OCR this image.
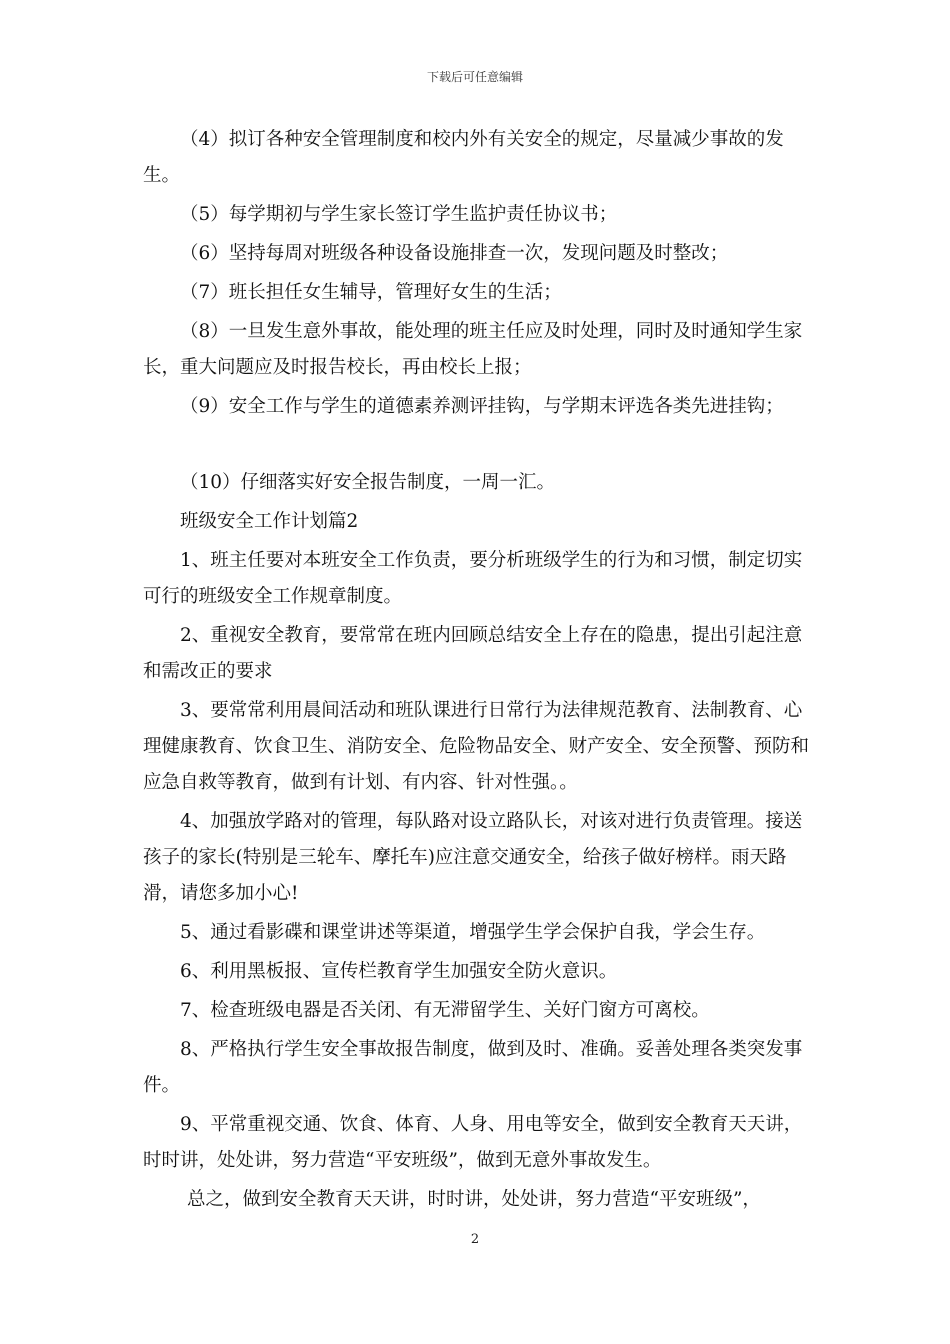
下载后可任意编辑

（4）拟订各种安全管理制度和校内外有关安全的规定，尽量减少事故的发生。

（5）每学期初与学生家长签订学生监护责任协议书；

（6）坚持每周对班级各种设备设施排查一次，发现问题及时整改；

（7）班长担任女生辅导，管理好女生的生活；

（8）一旦发生意外事故，能处理的班主任应及时处理，同时及时通知学生家长，重大问题应及时报告校长，再由校长上报；

（9）安全工作与学生的道德素养测评挂钩，与学期末评选各类先进挂钩；

（10）仔细落实好安全报告制度，一周一汇。

班级安全工作计划篇2

1、班主任要对本班安全工作负责，要分析班级学生的行为和习惯，制定切实可行的班级安全工作规章制度。

2、重视安全教育，要常常在班内回顾总结安全上存在的隐患，提出引起注意和需改正的要求

3、要常常利用晨间活动和班队课进行日常行为法律规范教育、法制教育、心理健康教育、饮食卫生、消防安全、危险物品安全、财产安全、安全预警、预防和应急自救等教育，做到有计划、有内容、针对性强。。

4、加强放学路对的管理，每队路对设立路队长，对该对进行负责管理。接送孩子的家长(特别是三轮车、摩托车)应注意交通安全，给孩子做好榜样。雨天路滑，请您多加小心!

5、通过看影碟和课堂讲述等渠道，增强学生学会保护自我，学会生存。

6、利用黑板报、宣传栏教育学生加强安全防火意识。

7、检查班级电器是否关闭、有无滞留学生、关好门窗方可离校。

8、严格执行学生安全事故报告制度，做到及时、准确。妥善处理各类突发事件。

9、平常重视交通、饮食、体育、人身、用电等安全，做到安全教育天天讲，时时讲，处处讲，努力营造“平安班级”，做到无意外事故发生。

总之，做到安全教育天天讲，时时讲，处处讲，努力营造“平安班级”，

2
